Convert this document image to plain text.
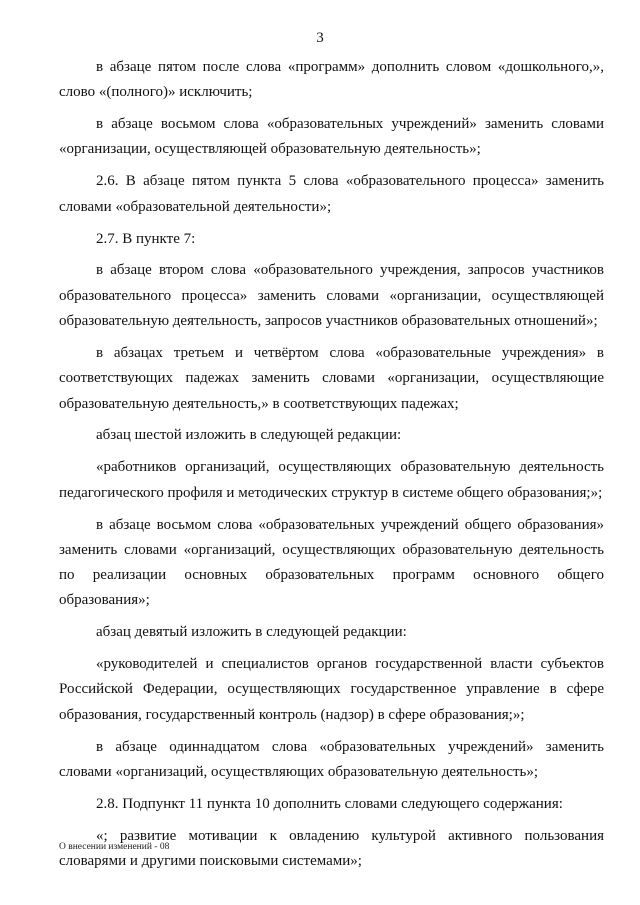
3

в абзаце пятом после слова «программ» дополнить словом «дошкольного,», слово «(полного)» исключить;

в абзаце восьмом слова «образовательных учреждений» заменить словами «организации, осуществляющей образовательную деятельность»;

2.6. В абзаце пятом пункта 5 слова «образовательного процесса» заменить словами «образовательной деятельности»;

2.7. В пункте 7:

в абзаце втором слова «образовательного учреждения, запросов участников образовательного процесса» заменить словами «организации, осуществляющей образовательную деятельность, запросов участников образовательных отношений»;

в абзацах третьем и четвёртом слова «образовательные учреждения» в соответствующих падежах заменить словами «организации, осуществляющие образовательную деятельность,» в соответствующих падежах;

абзац шестой изложить в следующей редакции:

«работников организаций, осуществляющих образовательную деятельность педагогического профиля и методических структур в системе общего образования;»;

в абзаце восьмом слова «образовательных учреждений общего образования» заменить словами «организаций, осуществляющих образовательную деятельность по реализации основных образовательных программ основного общего образования»;

абзац девятый изложить в следующей редакции:

«руководителей и специалистов органов государственной власти субъектов Российской Федерации, осуществляющих государственное управление в сфере образования, государственный контроль (надзор) в сфере образования;»;

в абзаце одиннадцатом слова «образовательных учреждений» заменить словами «организаций, осуществляющих образовательную деятельность»;

2.8. Подпункт 11 пункта 10 дополнить словами следующего содержания:

«; развитие мотивации к овладению культурой активного пользования словарями и другими поисковыми системами»;

О внесении изменений - 08
